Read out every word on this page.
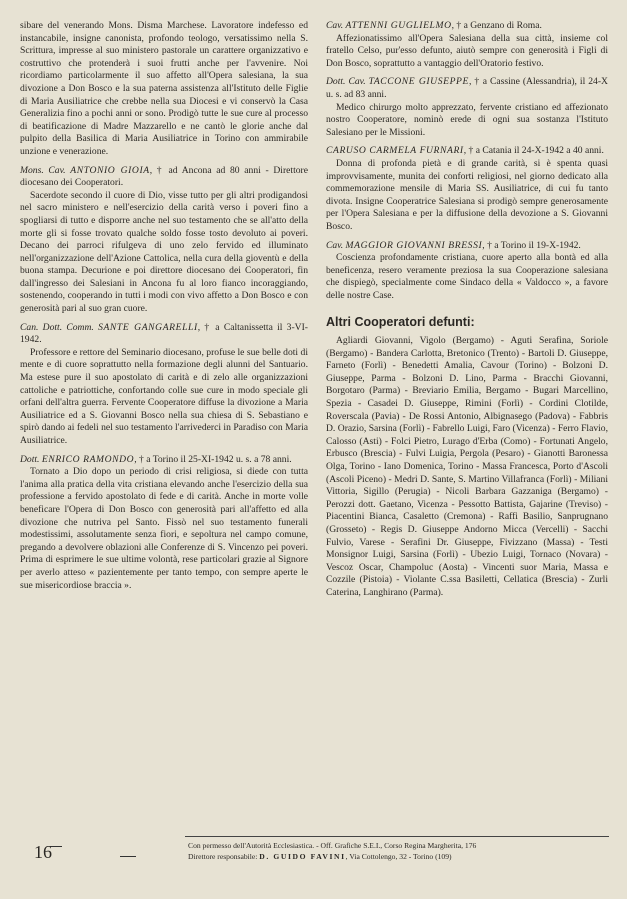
sibare del venerando Mons. Disma Marchese. Lavoratore indefesso ed instancabile, insigne canonista, profondo teologo, versatissimo nella S. Scrittura, impresse al suo ministero pastorale un carattere organizzativo e costruttivo che protenderà i suoi frutti anche per l'avvenire. Noi ricordiamo particolarmente il suo affetto all'Opera salesiana, la sua divozione a Don Bosco e la sua paterna assistenza all'Istituto delle Figlie di Maria Ausiliatrice che crebbe nella sua Diocesi e vi conservò la Casa Generalizia fino a pochi anni or sono. Prodigò tutte le sue cure al processo di beatificazione di Madre Mazzarello e ne cantò le glorie anche dal pulpito della Basilica di Maria Ausiliatrice in Torino con ammirabile unzione e venerazione.

Mons. Cav. ANTONIO GIOIA, † ad Ancona ad 80 anni - Direttore diocesano dei Cooperatori.

Sacerdote secondo il cuore di Dio, visse tutto per gli altri prodigandosi nel sacro ministero e nell'esercizio della carità verso i poveri fino a spogliarsi di tutto e disporre anche nel suo testamento che se all'atto della morte gli si fosse trovato qualche soldo fosse tosto devoluto ai poveri. Decano dei parroci rifulgeva di uno zelo fervido ed illuminato nell'organizzazione dell'Azione Cattolica, nella cura della gioventù e della buona stampa. Decurione e poi direttore diocesano dei Cooperatori, fin dall'ingresso dei Salesiani in Ancona fu al loro fianco incoraggiando, sostenendo, cooperando in tutti i modi con vivo affetto a Don Bosco e con generosità pari al suo gran cuore.

Can. Dott. Comm. SANTE GANGARELLI, † a Caltanissetta il 3-VI-1942.

Professore e rettore del Seminario diocesano, profuse le sue belle doti di mente e di cuore soprattutto nella formazione degli alunni del Santuario. Ma estese pure il suo apostolato di carità e di zelo alle organizzazioni cattoliche e patriottiche, confortando colle sue cure in modo speciale gli orfani dell'altra guerra. Fervente Cooperatore diffuse la divozione a Maria Ausiliatrice ed a S. Giovanni Bosco nella sua chiesa di S. Sebastiano e spirò dando ai fedeli nel suo testamento l'arrivederci in Paradiso con Maria Ausiliatrice.

Dott. ENRICO RAMONDO, † a Torino il 25-XI-1942 u. s. a 78 anni.

Tornato a Dio dopo un periodo di crisi religiosa, si diede con tutta l'anima alla pratica della vita cristiana elevando anche l'esercizio della sua professione a fervido apostolato di fede e di carità. Anche in morte volle beneficare l'Opera di Don Bosco con generosità pari all'affetto ed alla divozione che nutriva pel Santo. Fissò nel suo testamento funerali modestissimi, assolutamente senza fiori, e sepoltura nel campo comune, pregando a devolvere oblazioni alle Conferenze di S. Vincenzo pei poveri. Prima di esprimere le sue ultime volontà, rese particolari grazie al Signore per averlo atteso « pazientemente per tanto tempo, con sempre aperte le sue misericordiose braccia ».

Cav. ATTENNI GUGLIELMO, † a Genzano di Roma.

Affezionatissimo all'Opera Salesiana della sua città, insieme col fratello Celso, pur'esso defunto, aiutò sempre con generosità i Figli di Don Bosco, soprattutto a vantaggio dell'Oratorio festivo.

Dott. Cav. TACCONE GIUSEPPE, † a Cassine (Alessandria), il 24-X u. s. ad 83 anni.

Medico chirurgo molto apprezzato, fervente cristiano ed affezionato nostro Cooperatore, nominò erede di ogni sua sostanza l'Istituto Salesiano per le Missioni.

CARUSO CARMELA FURNARI, † a Catania il 24-X-1942 a 40 anni.

Donna di profonda pietà e di grande carità, si è spenta quasi improvvisamente, munita dei conforti religiosi, nel giorno dedicato alla commemorazione mensile di Maria SS. Ausiliatrice, di cui fu tanto divota. Insigne Cooperatrice Salesiana si prodigò sempre generosamente per l'Opera Salesiana e per la diffusione della devozione a S. Giovanni Bosco.

Cav. MAGGIOR GIOVANNI BRESSI, † a Torino il 19-X-1942.

Coscienza profondamente cristiana, cuore aperto alla bontà ed alla beneficenza, resero veramente preziosa la sua Cooperazione salesiana che dispiegò, specialmente come Sindaco della « Valdocco », a favore delle nostre Case.

Altri Cooperatori defunti:

Agliardi Giovanni, Vigolo (Bergamo) - Aguti Serafina, Soriole (Bergamo) - Bandera Carlotta, Bretonico (Trento) - Bartoli D. Giuseppe, Farneto (Forlì) - Benedetti Amalia, Cavour (Torino) - Bolzoni D. Giuseppe, Parma - Bolzoni D. Lino, Parma - Bracchi Giovanni, Borgotaro (Parma) - Breviario Emilia, Bergamo - Bugari Marcellino, Spezia - Casadei D. Giuseppe, Rimini (Forlì) - Cordini Clotilde, Roverscala (Pavia) - De Rossi Antonio, Albignasego (Padova) - Fabbris D. Orazio, Sarsina (Forlì) - Fabrello Luigi, Faro (Vicenza) - Ferro Flavio, Calosso (Asti) - Folci Pietro, Lurago d'Erba (Como) - Fortunati Angelo, Erbusco (Brescia) - Fulvi Luigia, Pergola (Pesaro) - Gianotti Baronessa Olga, Torino - Iano Domenica, Torino - Massa Francesca, Porto d'Ascoli (Ascoli Piceno) - Medri D. Sante, S. Martino Villafranca (Forlì) - Miliani Vittoria, Sigillo (Perugia) - Nicoli Barbara Gazzaniga (Bergamo) - Perozzi dott. Gaetano, Vicenza - Pessotto Battista, Gajarine (Treviso) - Piacentini Bianca, Casaletto (Cremona) - Raffi Basilio, Sanprugnano (Grosseto) - Regis D. Giuseppe Andorno Micca (Vercelli) - Sacchi Fulvio, Varese - Serafini Dr. Giuseppe, Fivizzano (Massa) - Testi Monsignor Luigi, Sarsina (Forlì) - Ubezio Luigi, Tornaco (Novara) - Vescoz Oscar, Champoluc (Aosta) - Vincenti suor Maria, Massa e Cozzile (Pistoia) - Violante C.ssa Basiletti, Cellatica (Brescia) - Zurli Caterina, Langhirano (Parma).

16	Con permesso dell'Autorità Ecclesiastica. - Off. Grafiche S.E.I., Corso Regina Margherita, 176
Direttore responsabile: D. GUIDO FAVINI, Via Cottolengo, 32 - Torino (109)
